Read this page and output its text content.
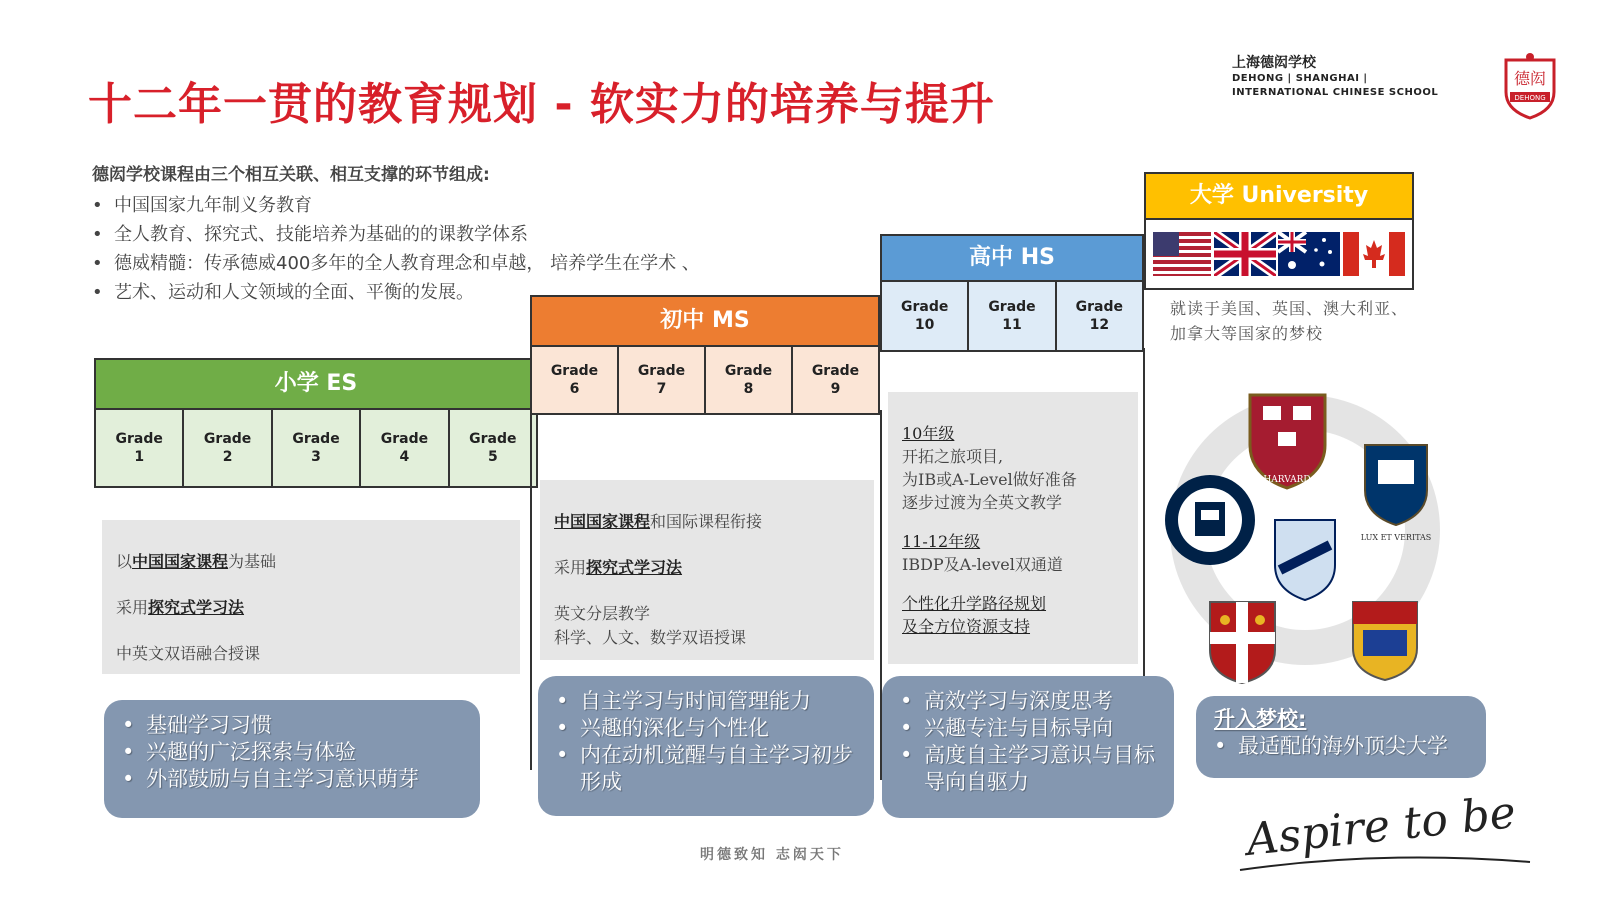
十二年一贯的教育规划 - 软实力的培养与提升
上海德闳学校
DEHONG | SHANGHAI |
INTERNATIONAL CHINESE SCHOOL
德闳
DEHONG
德闳学校课程由三个相互关联、相互支撑的环节组成:
• 中国国家九年制义务教育
• 全人教育、探究式、技能培养为基础的的课教学体系
• 德威精髓：传承德威400多年的全人教育理念和卓越， 培养学生在学术 、
• 艺术、运动和人文领域的全面、平衡的发展。
小学 ES
Grade
1
Grade
2
Grade
3
Grade
4
Grade
5
初中 MS
Grade
6
Grade
7
Grade
8
Grade
9
高中 HS
Grade
10
Grade
11
Grade
12
大学 University

以中国国家课程为基础

采用探究式学习法

中英文双语融合授课

中国国家课程和国际课程衔接

采用探究式学习法

英文分层教学

科学、人文、数学双语授课

10年级
开拓之旅项目,
为IB或A-Level做好准备
逐步过渡为全英文教学
11-12年级
IBDP及A-level双通道
个性化升学路径规划
及全方位资源支持
就读于美国、英国、澳大利亚、加拿大等国家的梦校
HARVARD
LUX ET VERITAS
• 基础学习习惯
• 兴趣的广泛探索与体验
• 外部鼓励与自主学习意识萌芽
• 自主学习与时间管理能力
• 兴趣的深化与个性化
• 内在动机觉醒与自主学习初步形成
• 高效学习与深度思考
• 兴趣专注与目标导向
• 高度自主学习意识与目标导向自驱力
升入梦校:
• 最适配的海外顶尖大学
明德致知 志闳天下	Aspire to be
